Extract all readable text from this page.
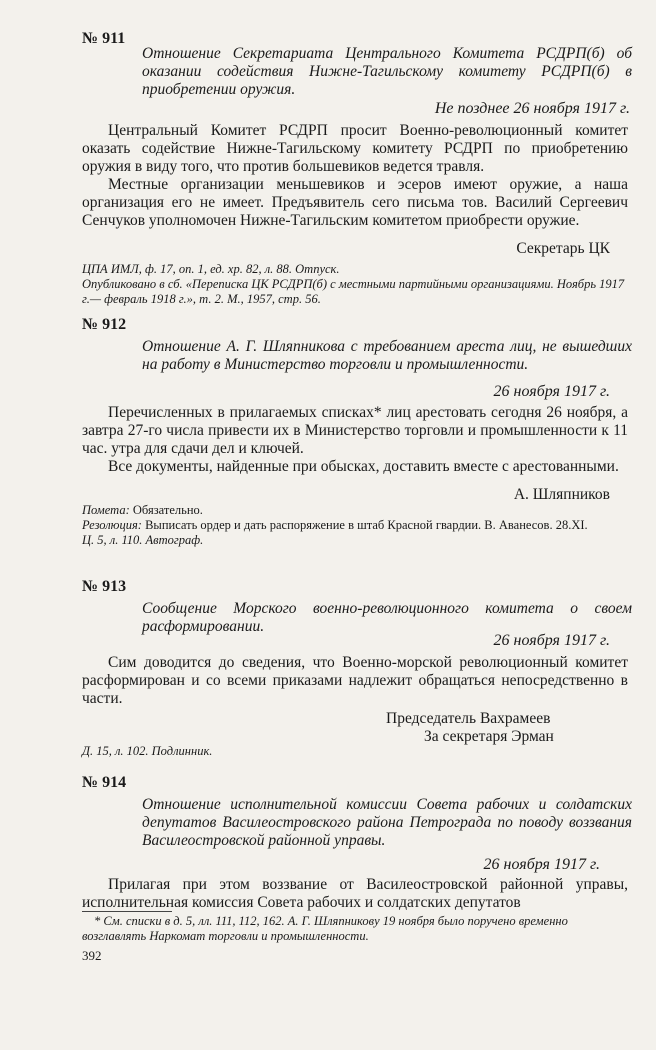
№ 911
Отношение Секретариата Центрального Комитета РСДРП(б) об оказании содействия Нижне-Тагильскому комитету РСДРП(б) в приобретении оружия.
Не позднее 26 ноября 1917 г.

Центральный Комитет РСДРП просит Военно-революционный комитет оказать содействие Нижне-Тагильскому комитету РСДРП по приобретению оружия в виду того, что против большевиков ведется травля.

Местные организации меньшевиков и эсеров имеют оружие, а наша организация его не имеет. Предъявитель сего письма тов. Василий Сергеевич Сенчуков уполномочен Нижне-Тагильским комитетом приобрести оружие.

Секретарь ЦК
ЦПА ИМЛ, ф. 17, оп. 1, ед. хр. 82, л. 88. Отпуск.
Опубликовано в сб. «Переписка ЦК РСДРП(б) с местными партийными организациями. Ноябрь 1917 г.— февраль 1918 г.», т. 2. М., 1957, стр. 56.
№ 912
Отношение А. Г. Шляпникова с требованием ареста лиц, не вышедших на работу в Министерство торговли и промышленности.
26 ноября 1917 г.

Перечисленных в прилагаемых списках* лиц арестовать сегодня 26 ноября, а завтра 27-го числа привести их в Министерство торговли и промышленности к 11 час. утра для сдачи дел и ключей.

Все документы, найденные при обысках, доставить вместе с арестованными.

А. Шляпников
Помета: Обязательно.
Резолюция: Выписать ордер и дать распоряжение в штаб Красной гвардии. В. Аванесов. 28.XI.
Ц. 5, л. 110. Автограф.
№ 913
Сообщение Морского военно-революционного комитета о своем расформировании.
26 ноября 1917 г.

Сим доводится до сведения, что Военно-морской революционный комитет расформирован и со всеми приказами надлежит обращаться непосредственно в части.

Председатель Вахрамеев
За секретаря Эрман
Д. 15, л. 102. Подлинник.
№ 914
Отношение исполнительной комиссии Совета рабочих и солдатских депутатов Василеостровского района Петрограда по поводу воззвания Василеостровской районной управы.
26 ноября 1917 г.

Прилагая при этом воззвание от Василеостровской районной управы, исполнительная комиссия Совета рабочих и солдатских депутатов

* См. списки в д. 5, лл. 111, 112, 162. А. Г. Шляпникову 19 ноября было поручено временно возглавлять Наркомат торговли и промышленности.
392
